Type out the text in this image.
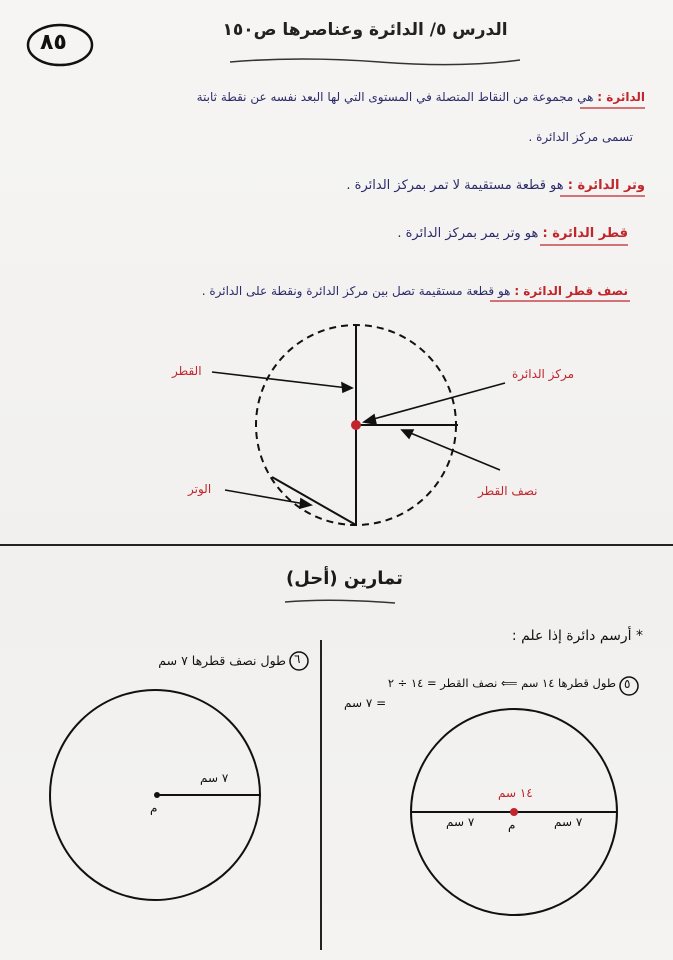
٨٥	الدرس ٥/ الدائرة وعناصرها ص١٥٠
الدائرة : هي مجموعة من النقاط المتصلة في المستوى التي لها البعد نفسه عن نقطة ثابتة
تسمى مركز الدائرة .
وتر الدائرة : هو قطعة مستقيمة لا تمر بمركز الدائرة .
قطر الدائرة : هو وتر يمر بمركز الدائرة .
نصف قطر الدائرة : هو قطعة مستقيمة تصل بين مركز الدائرة ونقطة على الدائرة .
القطر	مركز الدائرة
نصف القطر
الوتر
تمارين (أحل)
* أرسم دائرة إذا علم :
٥
طول قطرها ١٤ سم ⟸ نصف القطر = ١٤ ÷ ٢
= ٧ سم
٦
طول نصف قطرها ٧ سم
٧ سم
م
١٤ سم
م
٧ سم	٧ سم
